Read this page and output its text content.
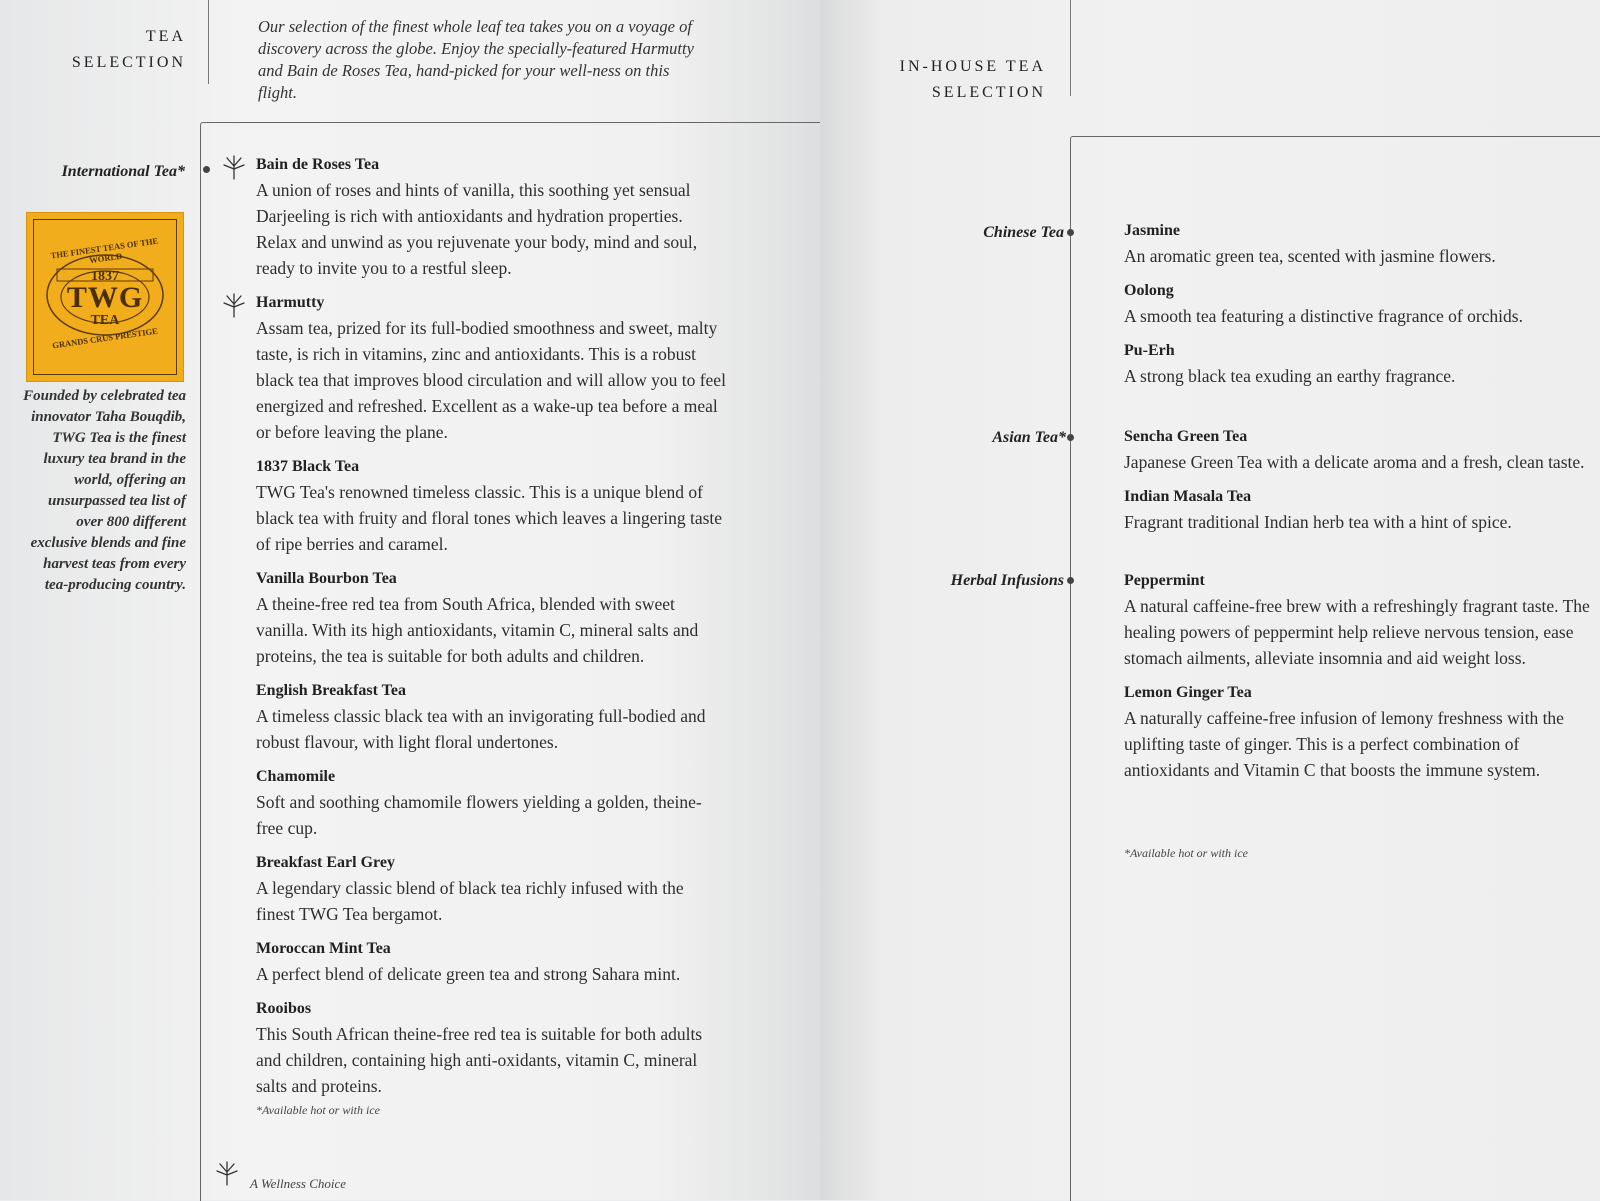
TEA
SELECTION
Our selection of the finest whole leaf tea takes you on a voyage of discovery across the globe. Enjoy the specially-featured Harmutty and Bain de Roses Tea, hand-picked for your well-ness on this flight.
International Tea*
THE FINEST TEAS OF THE WORLD
1837
TWG
TEA
GRANDS CRUS PRESTIGE
Founded by celebrated tea innovator Taha Bouqdib, TWG Tea is the finest luxury tea brand in the world, offering an unsurpassed tea list of over 800 different exclusive blends and fine harvest teas from every tea-producing country.

Bain de Roses Tea

A union of roses and hints of vanilla, this soothing yet sensual Darjeeling is rich with antioxidants and hydration properties. Relax and unwind as you rejuvenate your body, mind and soul, ready to invite you to a restful sleep.

Harmutty

Assam tea, prized for its full-bodied smoothness and sweet, malty taste, is rich in vitamins, zinc and antioxidants. This is a robust black tea that improves blood circulation and will allow you to feel energized and refreshed. Excellent as a wake-up tea before a meal or before leaving the plane.

1837 Black Tea

TWG Tea's renowned timeless classic. This is a unique blend of black tea with fruity and floral tones which leaves a lingering taste of ripe berries and caramel.

Vanilla Bourbon Tea

A theine-free red tea from South Africa, blended with sweet vanilla. With its high antioxidants, vitamin C, mineral salts and proteins, the tea is suitable for both adults and children.

English Breakfast Tea

A timeless classic black tea with an invigorating full-bodied and robust flavour, with light floral undertones.

Chamomile

Soft and soothing chamomile flowers yielding a golden, theine-free cup.

Breakfast Earl Grey

A legendary classic blend of black tea richly infused with the finest TWG Tea bergamot.

Moroccan Mint Tea

A perfect blend of delicate green tea and strong Sahara mint.

Rooibos

This South African theine-free red tea is suitable for both adults and children, containing high anti-oxidants, vitamin C, mineral salts and proteins.

*Available hot or with ice
A Wellness Choice
IN-HOUSE TEA
SELECTION
Chinese Tea	Jasmine

An aromatic green tea, scented with jasmine flowers.

Oolong

A smooth tea featuring a distinctive fragrance of orchids.

Pu-Erh

A strong black tea exuding an earthy fragrance.

Asian Tea*	Sencha Green Tea

Japanese Green Tea with a delicate aroma and a fresh, clean taste.

Indian Masala Tea

Fragrant traditional Indian herb tea with a hint of spice.

Herbal Infusions	Peppermint

A natural caffeine-free brew with a refreshingly fragrant taste. The healing powers of peppermint help relieve nervous tension, ease stomach ailments, alleviate insomnia and aid weight loss.

Lemon Ginger Tea

A naturally caffeine-free infusion of lemony freshness with the uplifting taste of ginger. This is a perfect combination of antioxidants and Vitamin C that boosts the immune system.

*Available hot or with ice
